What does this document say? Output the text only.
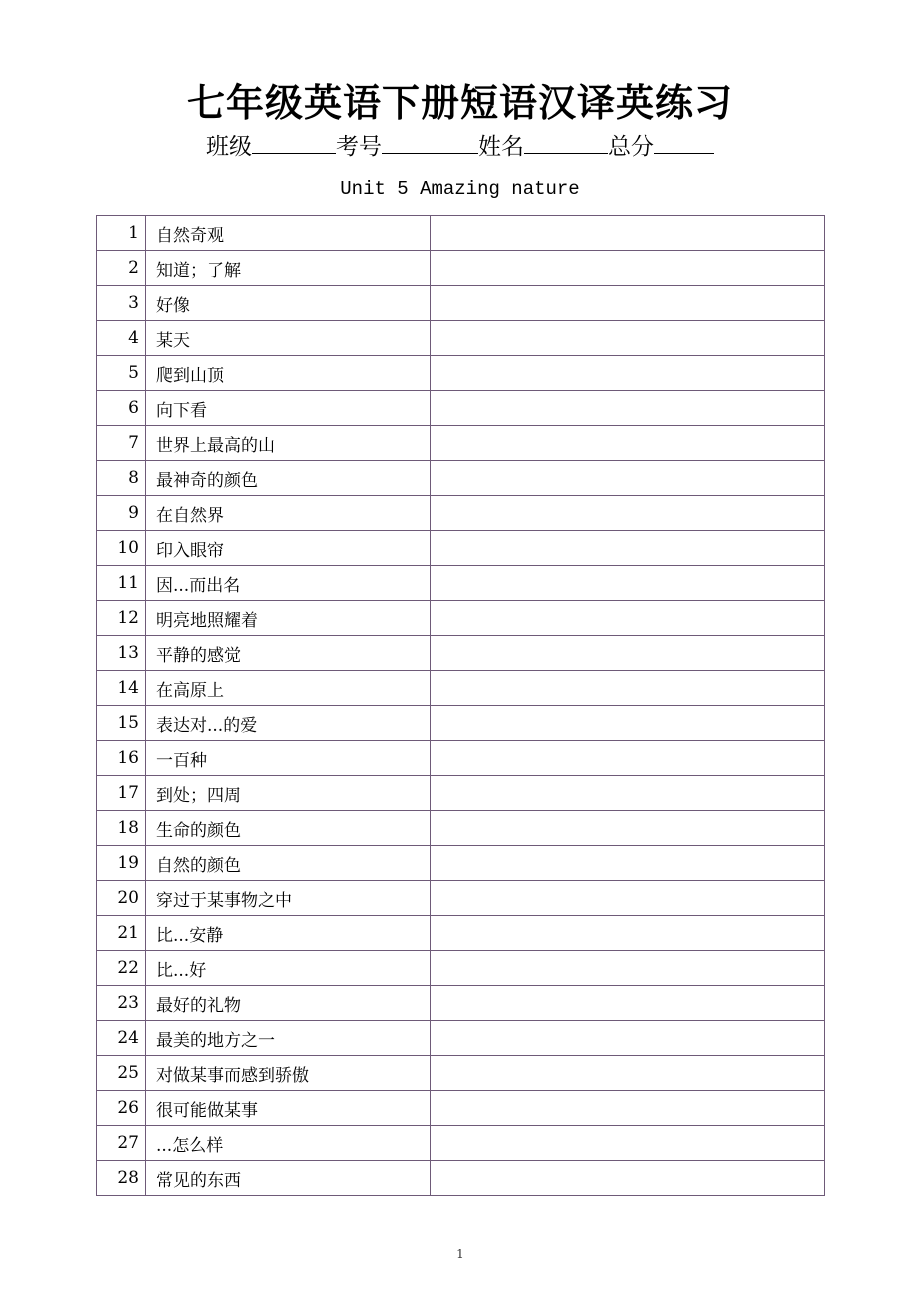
七年级英语下册短语汉译英练习
班级	考号	姓名	总分
Unit 5 Amazing nature
1	自然奇观	
2	知道；了解	
3	好像	
4	某天	
5	爬到山顶	
6	向下看	
7	世界上最高的山	
8	最神奇的颜色	
9	在自然界	
10	印入眼帘	
11	因...而出名	
12	明亮地照耀着	
13	平静的感觉	
14	在高原上	
15	表达对...的爱	
16	一百种	
17	到处；四周	
18	生命的颜色	
19	自然的颜色	
20	穿过于某事物之中	
21	比...安静	
22	比...好	
23	最好的礼物	
24	最美的地方之一	
25	对做某事而感到骄傲	
26	很可能做某事	
27	...怎么样	
28	常见的东西	
1
